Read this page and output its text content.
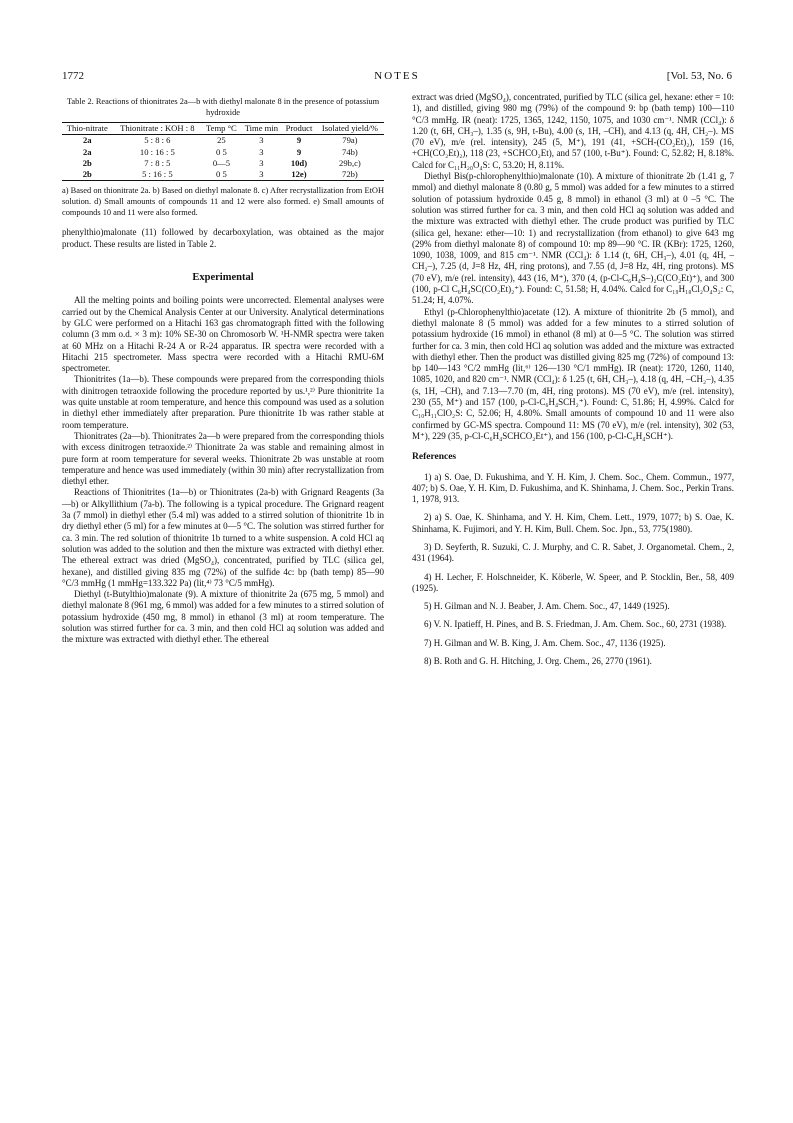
1772	NOTES	[Vol. 53, No. 6
Table 2. Reactions of thionitrates 2a—b with diethyl malonate 8 in the presence of potassium hydroxide
Thio-nitrate	Thionitrate : KOH : 8	Temp °C	Time min	Product	Isolated yield/%
2a	5 : 8 : 6	25	3	9	79a)
2a	10 : 16 : 5	0 5	3	9	74b)
2b	7 : 8 : 5	0—5	3	10d)	29b,c)
2b	5 : 16 : 5	0 5	3	12e)	72b)
a) Based on thionitrate 2a. b) Based on diethyl malonate 8. c) After recrystallization from EtOH solution. d) Small amounts of compounds 11 and 12 were also formed. e) Small amounts of compounds 10 and 11 were also formed.

phenylthio)malonate (11) followed by decarboxylation, was obtained as the major product. These results are listed in Table 2.

Experimental

All the melting points and boiling points were uncorrected. Elemental analyses were carried out by the Chemical Analysis Center at our University. Analytical determinations by GLC were performed on a Hitachi 163 gas chromatograph fitted with the following column (3 mm o.d. × 3 m): 10% SE-30 on Chromosorb W. ¹H-NMR spectra were taken at 60 MHz on a Hitachi R-24 A or R-24 apparatus. IR spectra were recorded with a Hitachi 215 spectrometer. Mass spectra were recorded with a Hitachi RMU-6M spectrometer.

Thionitrites (1a—b). These compounds were prepared from the corresponding thiols with dinitrogen tetraoxide following the procedure reported by us.¹,²⁾ Pure thionitrite 1a was quite unstable at room temperature, and hence this compound was used as a solution in diethyl ether immediately after preparation. Pure thionitrite 1b was rather stable at room temperature.

Thionitrates (2a—b). Thionitrates 2a—b were prepared from the corresponding thiols with excess dinitrogen tetraoxide.²⁾ Thionitrate 2a was stable and remaining almost in pure form at room temperature for several weeks. Thionitrate 2b was unstable at room temperature and hence was used immediately (within 30 min) after recrystallization from diethyl ether.

Reactions of Thionitrites (1a—b) or Thionitrates (2a-b) with Grignard Reagents (3a—b) or Alkyllithium (7a-b). The following is a typical procedure. The Grignard reagent 3a (7 mmol) in diethyl ether (5.4 ml) was added to a stirred solution of thionitrite 1b in dry diethyl ether (5 ml) for a few minutes at 0—5 °C. The solution was stirred further for ca. 3 min. The red solution of thionitrite 1b turned to a white suspension. A cold HCl aq solution was added to the solution and then the mixture was extracted with diethyl ether. The ethereal extract was dried (MgSO₄), concentrated, purified by TLC (silica gel, hexane), and distilled giving 835 mg (72%) of the sulfide 4c: bp (bath temp) 85—90 °C/3 mmHg (1 mmHg=133.322 Pa) (lit,⁴⁾ 73 °C/5 mmHg).

Diethyl (t-Butylthio)malonate (9). A mixture of thionitrite 2a (675 mg, 5 mmol) and diethyl malonate 8 (961 mg, 6 mmol) was added for a few minutes to a stirred solution of potassium hydroxide (450 mg, 8 mmol) in ethanol (3 ml) at room temperature. The solution was stirred further for ca. 3 min, and then cold HCl aq solution was added and the mixture was extracted with diethyl ether. The ethereal

extract was dried (MgSO₄), concentrated, purified by TLC (silica gel, hexane: ether = 10: 1), and distilled, giving 980 mg (79%) of the compound 9: bp (bath temp) 100—110 °C/3 mmHg. IR (neat): 1725, 1365, 1242, 1150, 1075, and 1030 cm⁻¹. NMR (CCl₄): δ 1.20 (t, 6H, CH₃–), 1.35 (s, 9H, t-Bu), 4.00 (s, 1H, –CH), and 4.13 (q, 4H, CH₂–). MS (70 eV), m/e (rel. intensity), 245 (5, M⁺), 191 (41, +SCH-(CO₂Et)₂), 159 (16, +CH(CO₂Et)₂), 118 (23, +SCHCO₂Et), and 57 (100, t-Bu⁺). Found: C, 52.82; H, 8.18%. Calcd for C₁₁H₂₀O₄S: C, 53.20; H, 8.11%.

Diethyl Bis(p-chlorophenylthio)malonate (10). A mixture of thionitrate 2b (1.41 g, 7 mmol) and diethyl malonate 8 (0.80 g, 5 mmol) was added for a few minutes to a stirred solution of potassium hydroxide 0.45 g, 8 mmol) in ethanol (3 ml) at 0 –5 °C. The solution was stirred further for ca. 3 min, and then cold HCl aq solution was added and the mixture was extracted with diethyl ether. The crude product was purified by TLC (silica gel, hexane: ether—10: 1) and recrystallization (from ethanol) to give 643 mg (29% from diethyl malonate 8) of compound 10: mp 89—90 °C. IR (KBr): 1725, 1260, 1090, 1038, 1009, and 815 cm⁻¹. NMR (CCl₄): δ 1.14 (t, 6H, CH₃–), 4.01 (q, 4H, –CH₂–), 7.25 (d, J=8 Hz, 4H, ring protons), and 7.55 (d, J=8 Hz, 4H, ring protons). MS (70 eV), m/e (rel. intensity), 443 (16, M⁺), 370 (4, (p-Cl-C₆H₄S–)₂C(CO₂Et)⁺), and 300 (100, p-Cl C₆H₄SC(CO₂Et)₂⁺). Found: C, 51.58; H, 4.04%. Calcd for C₁₉H₁₈Cl₂O₄S₂: C, 51.24; H, 4.07%.

Ethyl (p-Chlorophenylthio)acetate (12). A mixture of thionitrite 2b (5 mmol), and diethyl malonate 8 (5 mmol) was added for a few minutes to a stirred solution of potassium hydroxide (16 mmol) in ethanol (8 ml) at 0—5 °C. The solution was stirred further for ca. 3 min, then cold HCl aq solution was added and the mixture was extracted with diethyl ether. Then the product was distilled giving 825 mg (72%) of compound 13: bp 140—143 °C/2 mmHg (lit,⁶⁾ 126—130 °C/1 mmHg). IR (neat): 1720, 1260, 1140, 1085, 1020, and 820 cm⁻¹. NMR (CCl₄): δ 1.25 (t, 6H, CH₃–), 4.18 (q, 4H, –CH₂–), 4.35 (s, 1H, –CH), and 7.13—7.70 (m, 4H, ring protons). MS (70 eV), m/e (rel. intensity), 230 (55, M⁺) and 157 (100, p-Cl-C₆H₄SCH₂⁺). Found: C, 51.86; H, 4.99%. Calcd for C₁₀H₁₁ClO₂S: C, 52.06; H, 4.80%. Small amounts of compound 10 and 11 were also confirmed by GC-MS spectra. Compound 11: MS (70 eV), m/e (rel. intensity), 302 (53, M⁺), 229 (35, p-Cl-C₆H₄SCHCO₂Et⁺), and 156 (100, p-Cl-C₆H₄SCH⁺).

References

1) a) S. Oae, D. Fukushima, and Y. H. Kim, J. Chem. Soc., Chem. Commun., 1977, 407; b) S. Oae, Y. H. Kim, D. Fukushima, and K. Shinhama, J. Chem. Soc., Perkin Trans. 1, 1978, 913.

2) a) S. Oae, K. Shinhama, and Y. H. Kim, Chem. Lett., 1979, 1077; b) S. Oae, K. Shinhama, K. Fujimori, and Y. H. Kim, Bull. Chem. Soc. Jpn., 53, 775(1980).

3) D. Seyferth, R. Suzuki, C. J. Murphy, and C. R. Sabet, J. Organometal. Chem., 2, 431 (1964).

4) H. Lecher, F. Holschneider, K. Köberle, W. Speer, and P. Stocklin, Ber., 58, 409 (1925).

5) H. Gilman and N. J. Beaber, J. Am. Chem. Soc., 47, 1449 (1925).

6) V. N. Ipatieff, H. Pines, and B. S. Friedman, J. Am. Chem. Soc., 60, 2731 (1938).

7) H. Gilman and W. B. King, J. Am. Chem. Soc., 47, 1136 (1925).

8) B. Roth and G. H. Hitching, J. Org. Chem., 26, 2770 (1961).
